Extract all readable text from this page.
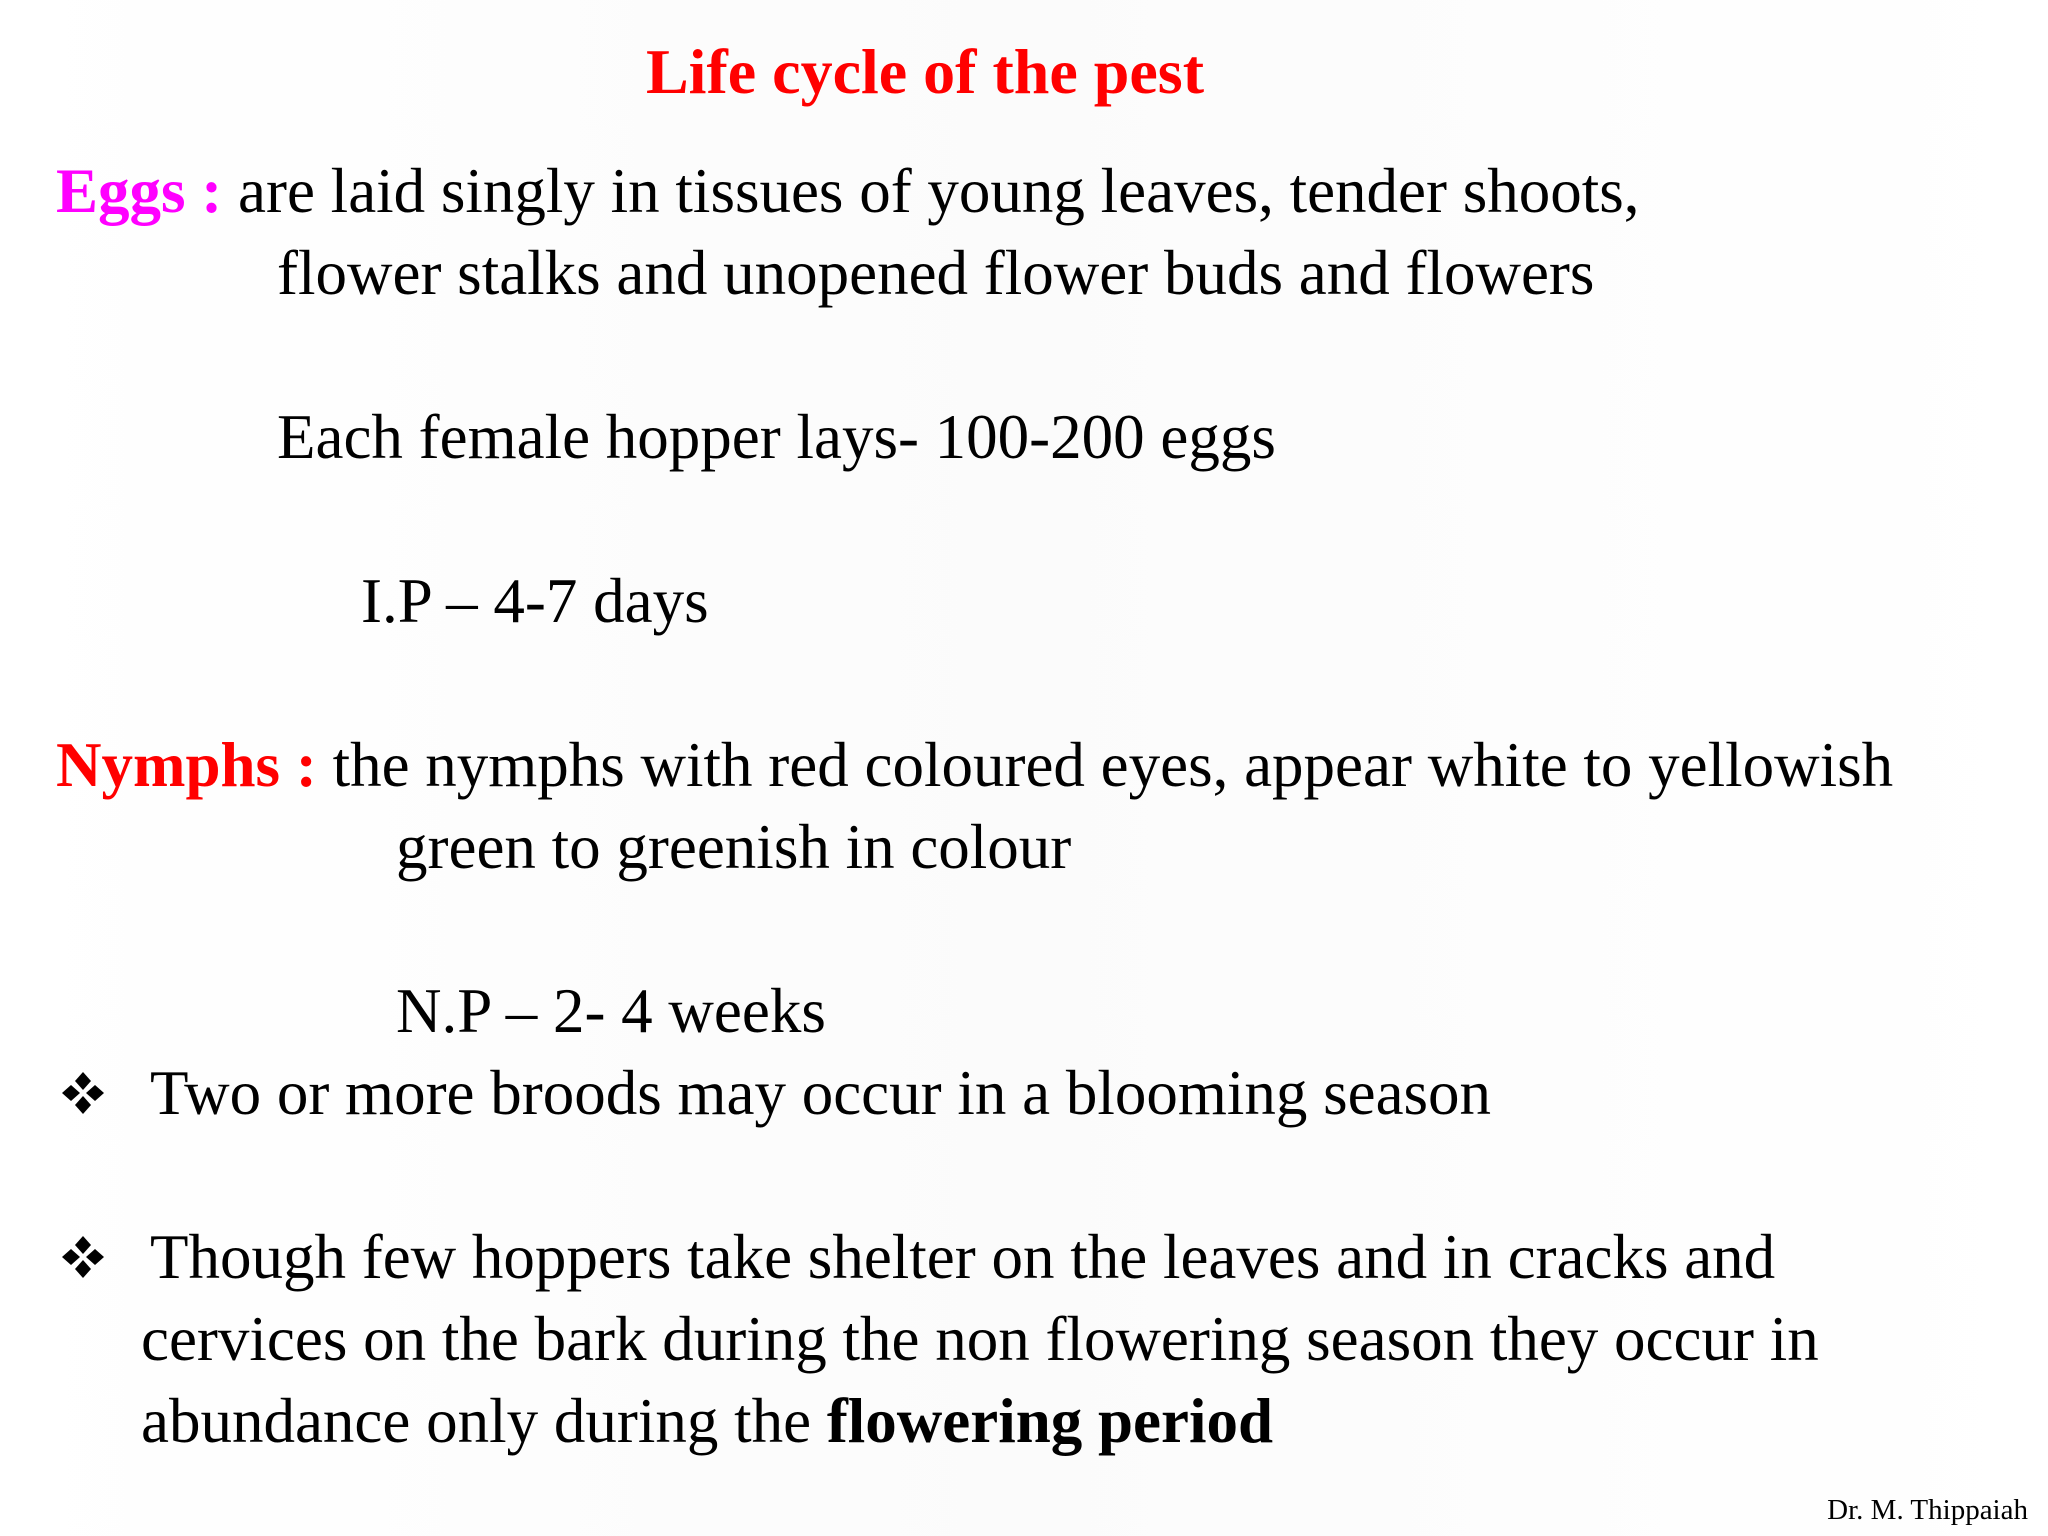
Life cycle of the pest
Eggs : are laid singly in tissues of young leaves, tender shoots,
flower stalks and unopened flower buds and flowers
Each female hopper lays- 100-200 eggs
I.P – 4-7 days
Nymphs : the nymphs with red coloured eyes, appear white to yellowish
green to greenish in colour
N.P – 2- 4 weeks
Two or more broods may occur in a blooming season
Though few hoppers take shelter on the leaves and in cracks and
cervices on the bark during the non flowering season they occur in
abundance only during the flowering period
Dr. M. Thippaiah
